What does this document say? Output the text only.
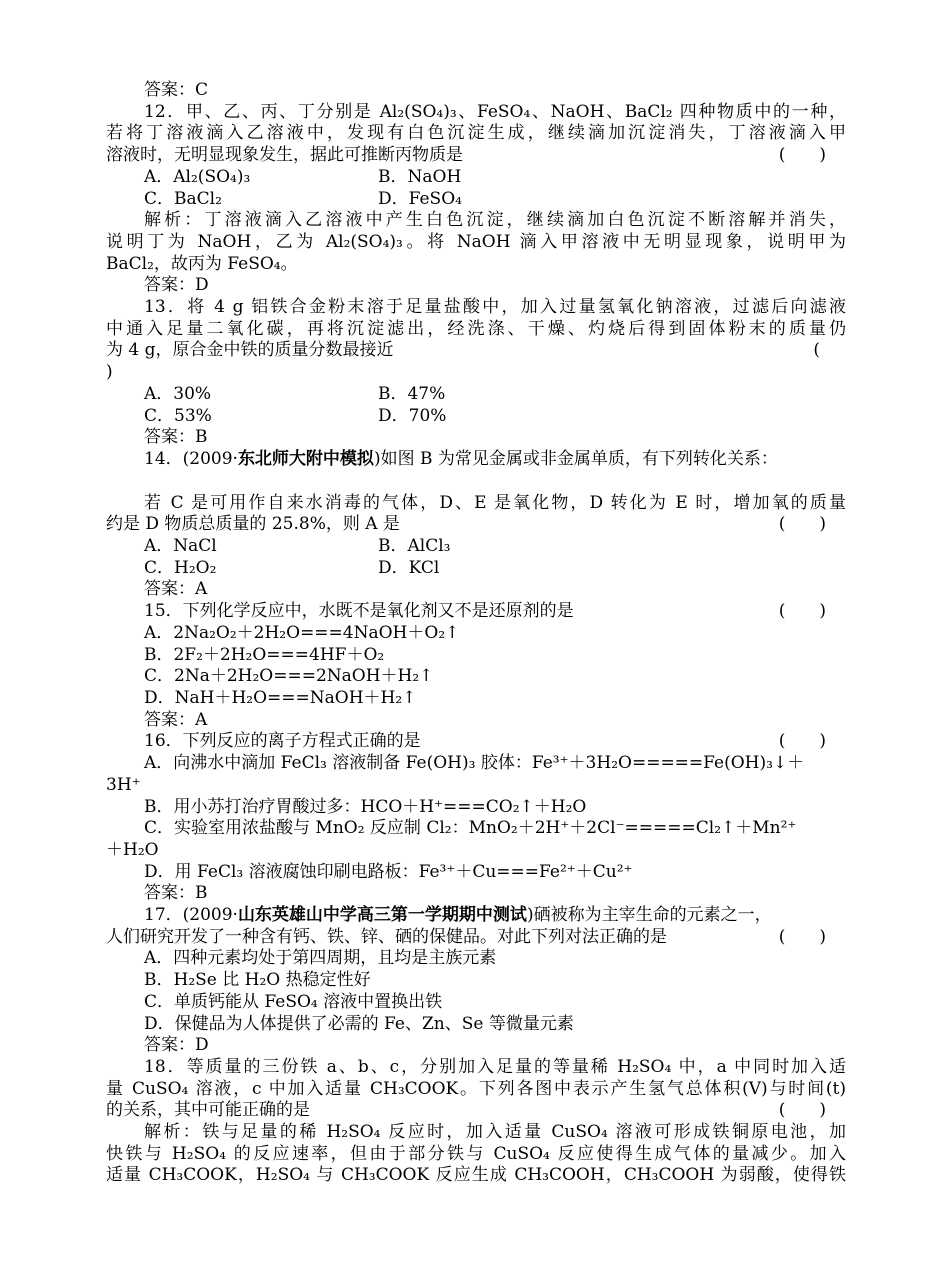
答案：C
12．甲、乙、丙、丁分别是 Al₂(SO₄)₃、FeSO₄、NaOH、BaCl₂ 四种物质中的一种，
若将丁溶液滴入乙溶液中，发现有白色沉淀生成，继续滴加沉淀消失，丁溶液滴入甲
溶液时，无明显现象发生，据此可推断丙物质是	(　　)
A．Al₂(SO₄)₃	B．NaOH
C．BaCl₂	D．FeSO₄
解析：丁溶液滴入乙溶液中产生白色沉淀，继续滴加白色沉淀不断溶解并消失，
说明丁为 NaOH，乙为 Al₂(SO₄)₃。将 NaOH 滴入甲溶液中无明显现象，说明甲为
BaCl₂，故丙为 FeSO₄。
答案：D
13．将 4 g 铝铁合金粉末溶于足量盐酸中，加入过量氢氧化钠溶液，过滤后向滤液
中通入足量二氧化碳，再将沉淀滤出，经洗涤、干燥、灼烧后得到固体粉末的质量仍
为 4 g，原合金中铁的质量分数最接近	(
)
A．30%	B．47%
C．53%	D．70%
答案：B
14．(2009·东北师大附中模拟)如图 B 为常见金属或非金属单质，有下列转化关系：
若 C 是可用作自来水消毒的气体，D、E 是氧化物，D 转化为 E 时，增加氧的质量
约是 D 物质总质量的 25.8%，则 A 是	(　　)
A．NaCl	B．AlCl₃
C．H₂O₂	D．KCl
答案：A
15．下列化学反应中，水既不是氧化剂又不是还原剂的是	(　　)
A．2Na₂O₂＋2H₂O===4NaOH＋O₂↑
B．2F₂＋2H₂O===4HF＋O₂
C．2Na＋2H₂O===2NaOH＋H₂↑
D．NaH＋H₂O===NaOH＋H₂↑
答案：A
16．下列反应的离子方程式正确的是	(　　)
A．向沸水中滴加 FeCl₃ 溶液制备 Fe(OH)₃ 胶体：Fe³⁺＋3H₂O=====Fe(OH)₃↓＋
3H⁺
B．用小苏打治疗胃酸过多：HCO＋H⁺===CO₂↑＋H₂O
C．实验室用浓盐酸与 MnO₂ 反应制 Cl₂：MnO₂＋2H⁺＋2Cl⁻=====Cl₂↑＋Mn²⁺
＋H₂O
D．用 FeCl₃ 溶液腐蚀印刷电路板：Fe³⁺＋Cu===Fe²⁺＋Cu²⁺
答案：B
17．(2009·山东英雄山中学高三第一学期期中测试)硒被称为主宰生命的元素之一，
人们研究开发了一种含有钙、铁、锌、硒的保健品。对此下列对法正确的是	(　　)
A．四种元素均处于第四周期，且均是主族元素
B．H₂Se 比 H₂O 热稳定性好
C．单质钙能从 FeSO₄ 溶液中置换出铁
D．保健品为人体提供了必需的 Fe、Zn、Se 等微量元素
答案：D
18．等质量的三份铁 a、b、c，分别加入足量的等量稀 H₂SO₄ 中，a 中同时加入适
量 CuSO₄ 溶液，c 中加入适量 CH₃COOK。下列各图中表示产生氢气总体积(V)与时间(t)
的关系，其中可能正确的是	(　　)
解析：铁与足量的稀 H₂SO₄ 反应时，加入适量 CuSO₄ 溶液可形成铁铜原电池，加
快铁与 H₂SO₄ 的反应速率，但由于部分铁与 CuSO₄ 反应使得生成气体的量减少。加入
适量 CH₃COOK，H₂SO₄ 与 CH₃COOK 反应生成 CH₃COOH，CH₃COOH 为弱酸，使得铁
